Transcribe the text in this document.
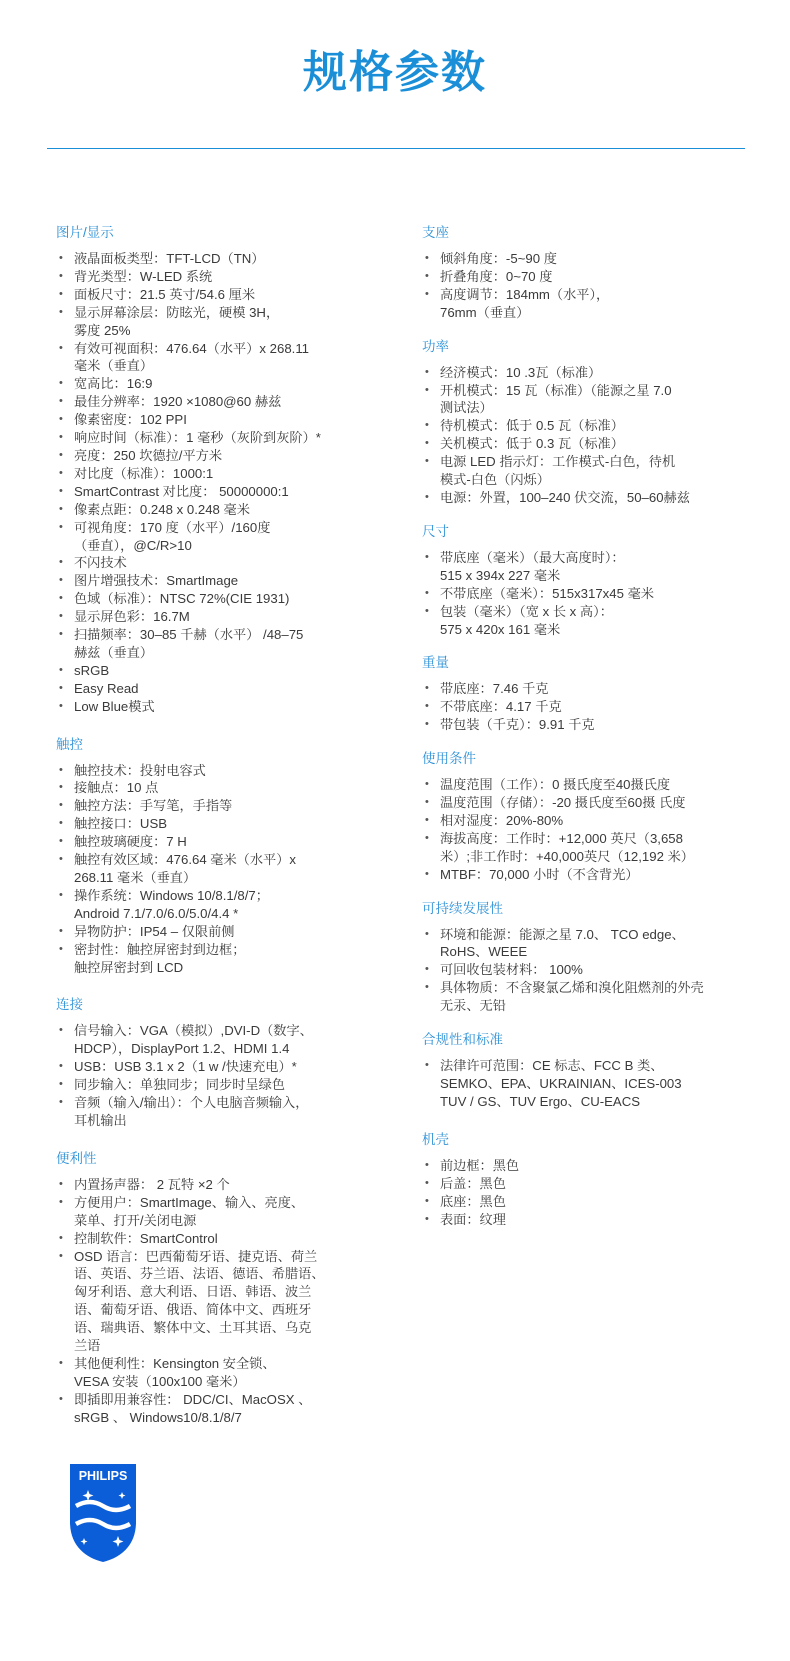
规格参数
图片/显示
• 液晶面板类型：TFT-LCD（TN）
• 背光类型：W-LED 系统
• 面板尺寸：21.5 英寸/54.6 厘米
• 显示屏幕涂层：防眩光，硬模 3H，
雾度 25%
• 有效可视面积：476.64（水平）x 268.11
毫米（垂直）
• 宽高比：16:9
• 最佳分辨率：1920 ×1080@60 赫兹
• 像素密度：102 PPI
• 响应时间（标准）：1 毫秒（灰阶到灰阶）*
• 亮度：250 坎德拉/平方米
• 对比度（标准）：1000:1
• SmartContrast 对比度： 50000000:1
• 像素点距：0.248 x 0.248 毫米
• 可视角度：170 度（水平）/160度
（垂直），@C/R>10
• 不闪技术
• 图片增强技术：SmartImage
• 色域（标准）：NTSC 72%(CIE 1931)
• 显示屏色彩：16.7M
• 扫描频率：30–85 千赫（水平） /48–75
赫兹（垂直）
• sRGB
• Easy Read
• Low Blue模式
触控
• 触控技术：投射电容式
• 接触点：10 点
• 触控方法：手写笔，手指等
• 触控接口：USB
• 触控玻璃硬度：7 H
• 触控有效区域：476.64 毫米（水平）x
268.11 毫米（垂直）
• 操作系统：Windows 10/8.1/8/7；
Android 7.1/7.0/6.0/5.0/4.4 *
• 异物防护：IP54 – 仅限前侧
• 密封性：触控屏密封到边框；
触控屏密封到 LCD
连接
• 信号输入：VGA（模拟）,DVI-D（数字、
HDCP），DisplayPort 1.2、HDMI 1.4
• USB：USB 3.1 x 2（1 w /快速充电）*
• 同步输入：单独同步；同步时呈绿色
• 音频（输入/输出）：个人电脑音频输入，
耳机输出
便利性
• 内置扬声器： 2 瓦特 ×2 个
• 方便用户：SmartImage、输入、亮度、
菜单、打开/关闭电源
• 控制软件：SmartControl
• OSD 语言：巴西葡萄牙语、捷克语、荷兰
语、英语、芬兰语、法语、德语、希腊语、
匈牙利语、意大利语、日语、韩语、波兰
语、葡萄牙语、俄语、简体中文、西班牙
语、瑞典语、繁体中文、土耳其语、乌克
兰语
• 其他便利性：Kensington 安全锁、
VESA 安装（100x100 毫米）
• 即插即用兼容性： DDC/CI、MacOSX 、
sRGB 、 Windows10/8.1/8/7
支座
• 倾斜角度：-5~90 度
• 折叠角度：0~70 度
• 高度调节：184mm（水平），
76mm（垂直）
功率
• 经济模式：10 .3瓦（标准）
• 开机模式：15 瓦（标准）（能源之星 7.0
测试法）
• 待机模式：低于 0.5 瓦（标准）
• 关机模式：低于 0.3 瓦（标准）
• 电源 LED 指示灯：工作模式-白色，待机
模式-白色（闪烁）
• 电源：外置，100–240 伏交流，50–60赫兹
尺寸
• 带底座（毫米）（最大高度时）：
515 x 394x 227 毫米
• 不带底座（毫米）：515x317x45 毫米
• 包装（毫米）（宽 x 长 x 高）：
575 x 420x 161 毫米
重量
• 带底座：7.46 千克
• 不带底座：4.17 千克
• 带包装（千克）：9.91 千克
使用条件
• 温度范围（工作）：0 摄氏度至40摄氏度
• 温度范围（存储）：-20 摄氏度至60摄 氏度
• 相对湿度：20%-80%
• 海拔高度：工作时：+12,000 英尺（3,658
米）;非工作时：+40,000英尺（12,192 米）
• MTBF：70,000 小时（不含背光）
可持续发展性
• 环境和能源：能源之星 7.0、 TCO edge、
RoHS、WEEE
• 可回收包装材料： 100%
• 具体物质：不含聚氯乙烯和溴化阻燃剂的外壳
无汞、无铅
合规性和标准
• 法律许可范围：CE 标志、FCC B 类、
SEMKO、EPA、UKRAINIAN、ICES-003
TUV / GS、TUV Ergo、CU-EACS
机壳
• 前边框：黑色
• 后盖：黑色
• 底座：黑色
• 表面：纹理
PHILIPS
